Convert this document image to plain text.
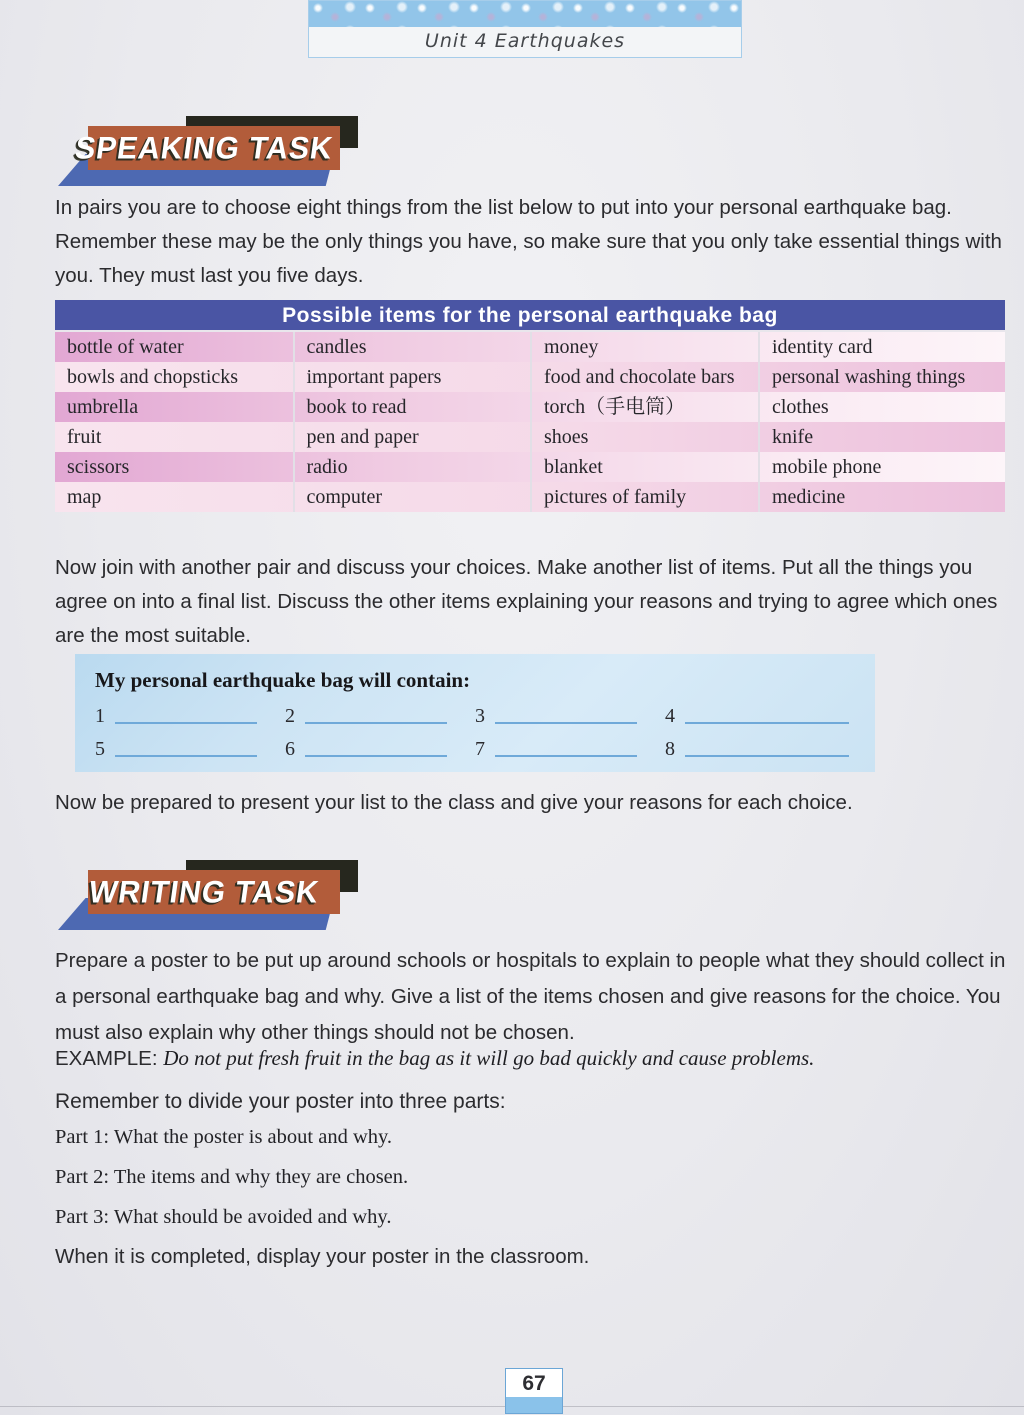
Unit 4 Earthquakes
SPEAKING TASK

In pairs you are to choose eight things from the list below to put into your personal earthquake bag. Remember these may be the only things you have, so make sure that you only take essential things with you. They must last you five days.

Possible items for the personal earthquake bag
bottle of water	candles	money	identity card
bowls and chopsticks	important papers	food and chocolate bars	personal washing things
umbrella	book to read	torch（手电筒）	clothes
fruit	pen and paper	shoes	knife
scissors	radio	blanket	mobile phone
map	computer	pictures of family	medicine

Now join with another pair and discuss your choices. Make another list of items. Put all the things you agree on into a final list. Discuss the other items explaining your reasons and trying to agree which ones are the most suitable.

My personal earthquake bag will contain:
1	2	3	4
5	6	7	8

Now be prepared to present your list to the class and give your reasons for each choice.

WRITING TASK

Prepare a poster to be put up around schools or hospitals to explain to people what they should collect in a personal earthquake bag and why. Give a list of the items chosen and give reasons for the choice. You must also explain why other things should not be chosen.

EXAMPLE: Do not put fresh fruit in the bag as it will go bad quickly and cause problems.

Remember to divide your poster into three parts:

Part 1: What the poster is about and why.

Part 2: The items and why they are chosen.

Part 3: What should be avoided and why.

When it is completed, display your poster in the classroom.

67
